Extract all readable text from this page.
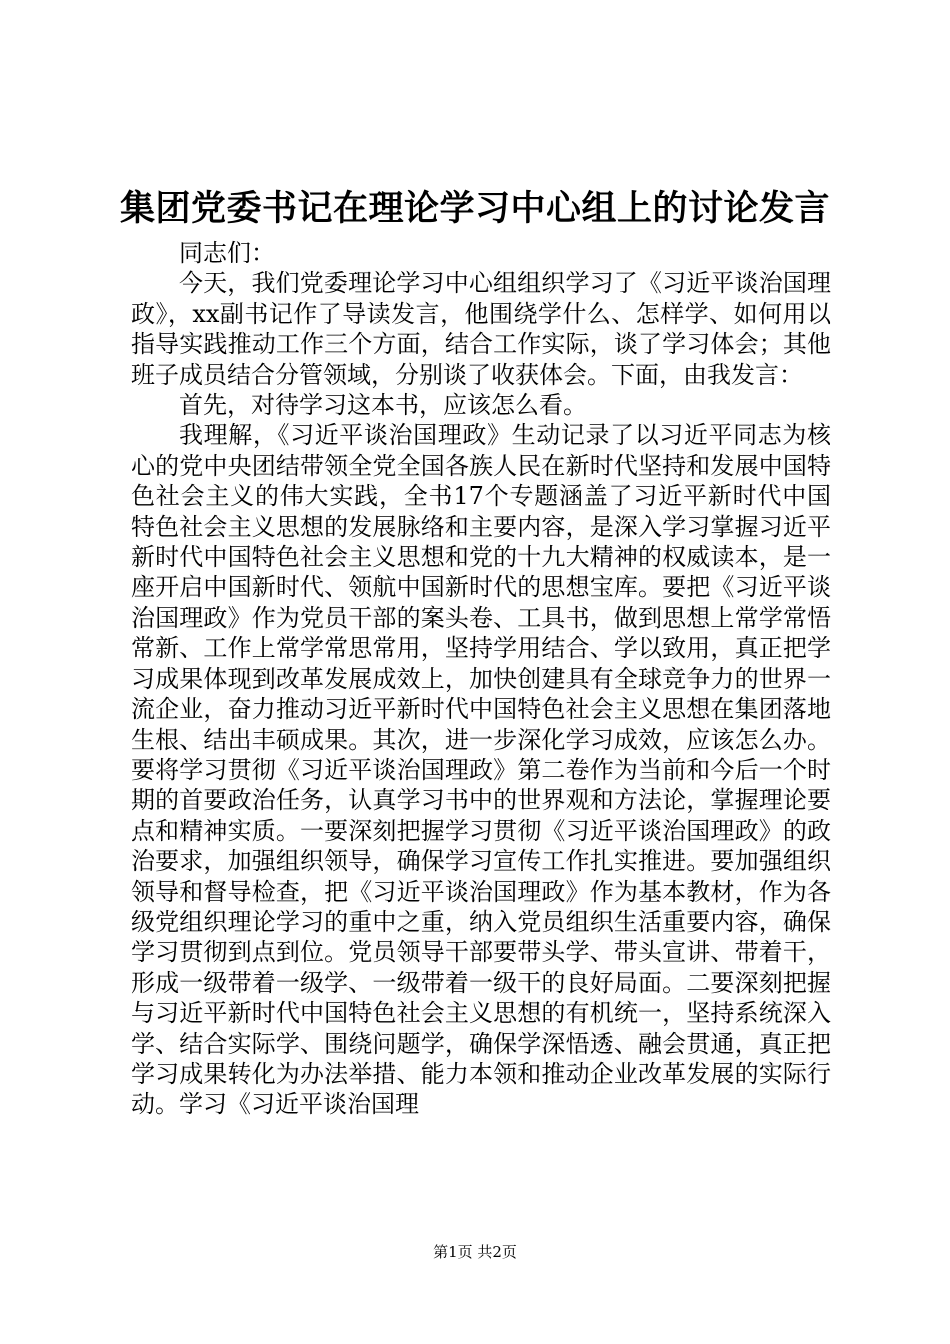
集团党委书记在理论学习中心组上的讨论发言

同志们：

今天，我们党委理论学习中心组组织学习了《习近平谈治国理政》，xx副书记作了导读发言，他围绕学什么、怎样学、如何用以指导实践推动工作三个方面，结合工作实际，谈了学习体会；其他班子成员结合分管领域，分别谈了收获体会。下面，由我发言：

首先，对待学习这本书，应该怎么看。

我理解，《习近平谈治国理政》生动记录了以习近平同志为核心的党中央团结带领全党全国各族人民在新时代坚持和发展中国特色社会主义的伟大实践，全书17个专题涵盖了习近平新时代中国特色社会主义思想的发展脉络和主要内容，是深入学习掌握习近平新时代中国特色社会主义思想和党的十九大精神的权威读本，是一座开启中国新时代、领航中国新时代的思想宝库。要把《习近平谈治国理政》作为党员干部的案头卷、工具书，做到思想上常学常悟常新、工作上常学常思常用，坚持学用结合、学以致用，真正把学习成果体现到改革发展成效上，加快创建具有全球竞争力的世界一流企业，奋力推动习近平新时代中国特色社会主义思想在集团落地生根、结出丰硕成果。其次，进一步深化学习成效，应该怎么办。要将学习贯彻《习近平谈治国理政》第二卷作为当前和今后一个时期的首要政治任务，认真学习书中的世界观和方法论，掌握理论要点和精神实质。一要深刻把握学习贯彻《习近平谈治国理政》的政治要求，加强组织领导，确保学习宣传工作扎实推进。要加强组织领导和督导检查，把《习近平谈治国理政》作为基本教材，作为各级党组织理论学习的重中之重，纳入党员组织生活重要内容，确保学习贯彻到点到位。党员领导干部要带头学、带头宣讲、带着干，形成一级带着一级学、一级带着一级干的良好局面。二要深刻把握与习近平新时代中国特色社会主义思想的有机统一，坚持系统深入学、结合实际学、围绕问题学，确保学深悟透、融会贯通，真正把学习成果转化为办法举措、能力本领和推动企业改革发展的实际行动。学习《习近平谈治国理

第1页 共2页
